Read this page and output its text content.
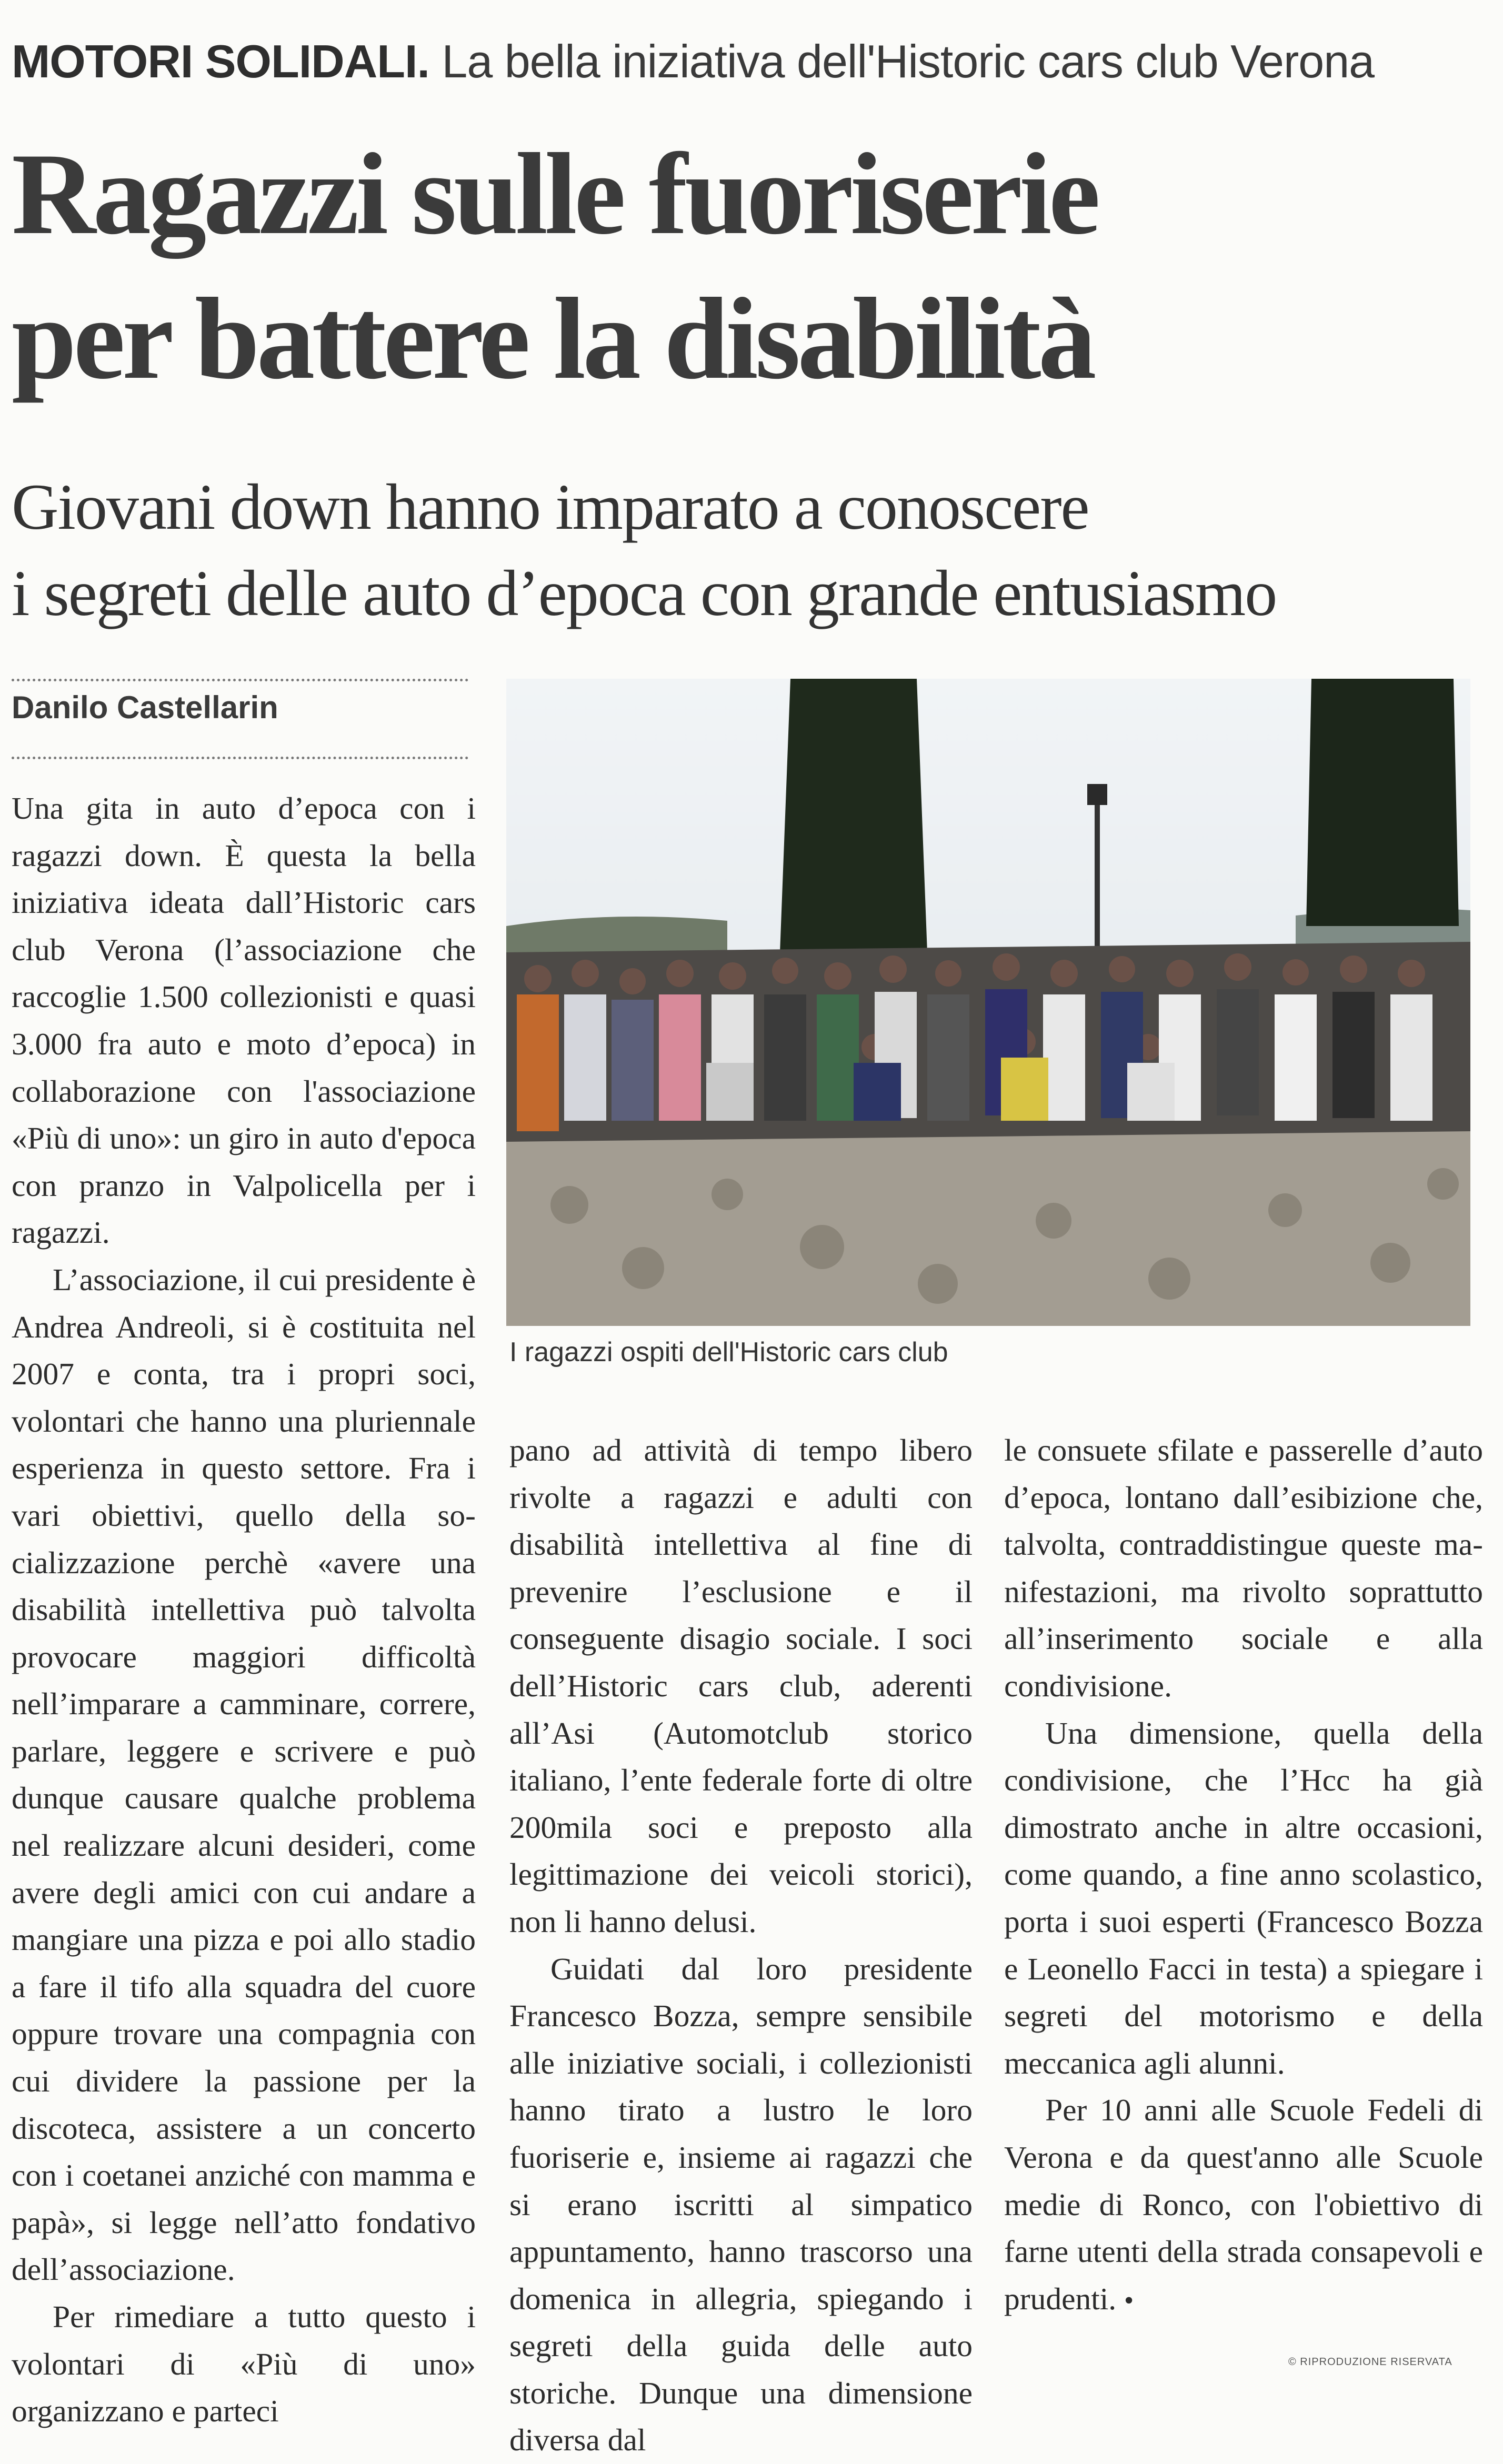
MOTORI SOLIDALI. La bella iniziativa dell'Historic cars club Verona
Ragazzi sulle fuoriserie
per battere la disabilità
Giovani down hanno imparato a conoscere
i segreti delle auto d’epoca con grande entusiasmo
Danilo Castellarin

Una gita in auto d’epoca con i ragazzi down. È questa la bella iniziativa ideata dall’Historic cars club Verona (l’associazione che raccoglie 1.500 collezionisti e quasi 3.000 fra auto e moto d’epoca) in collaborazione con l'associazione «Più di uno»: un giro in auto d'epoca con pranzo in Valpolicella per i ragazzi.

L’associazione, il cui presidente è Andrea Andreoli, si è costituita nel 2007 e conta, tra i propri soci, volontari che hanno una pluriennale esperienza in questo settore. Fra i vari obiettivi, quello della socializzazione perchè «avere una disabilità intellettiva può talvolta provocare maggiori difficoltà nell’imparare a camminare, correre, parlare, leggere e scrivere e può dunque causare qualche problema nel realizzare alcuni desideri, come avere degli amici con cui andare a mangiare una pizza e poi allo stadio a fare il tifo alla squadra del cuore oppure trovare una compagnia con cui dividere la passione per la discoteca, assistere a un concerto con i coetanei anziché con mamma e papà», si legge nell’atto fondativo dell’associazione.

Per rimediare a tutto questo i volontari di «Più di uno» organizzano e parteci

I ragazzi ospiti dell'Historic cars club

pano ad attività di tempo libero rivolte a ragazzi e adulti con disabilità intellettiva al fine di prevenire l’esclusione e il conseguente disagio sociale. I soci dell’Historic cars club, aderenti all’Asi (Automotclub storico italiano, l’ente federale forte di oltre 200mila soci e preposto alla legittimazione dei veicoli storici), non li hanno delusi.

Guidati dal loro presidente Francesco Bozza, sempre sensibile alle iniziative sociali, i collezionisti hanno tirato a lustro le loro fuoriserie e, insieme ai ragazzi che si erano iscritti al simpatico appuntamento, hanno trascorso una domenica in allegria, spiegando i segreti della guida delle auto storiche. Dunque una dimensione diversa dal

le consuete sfilate e passerelle d’auto d’epoca, lontano dall’esibizione che, talvolta, contraddistingue queste manifestazioni, ma rivolto soprattutto all’inserimento sociale e alla condivisione.

Una dimensione, quella della condivisione, che l’Hcc ha già dimostrato anche in altre occasioni, come quando, a fine anno scolastico, porta i suoi esperti (Francesco Bozza e Leonello Facci in testa) a spiegare i segreti del motorismo e della meccanica agli alunni.

Per 10 anni alle Scuole Fedeli di Verona e da quest'anno alle Scuole medie di Ronco, con l'obiettivo di farne utenti della strada consapevoli e prudenti. •

© RIPRODUZIONE RISERVATA
